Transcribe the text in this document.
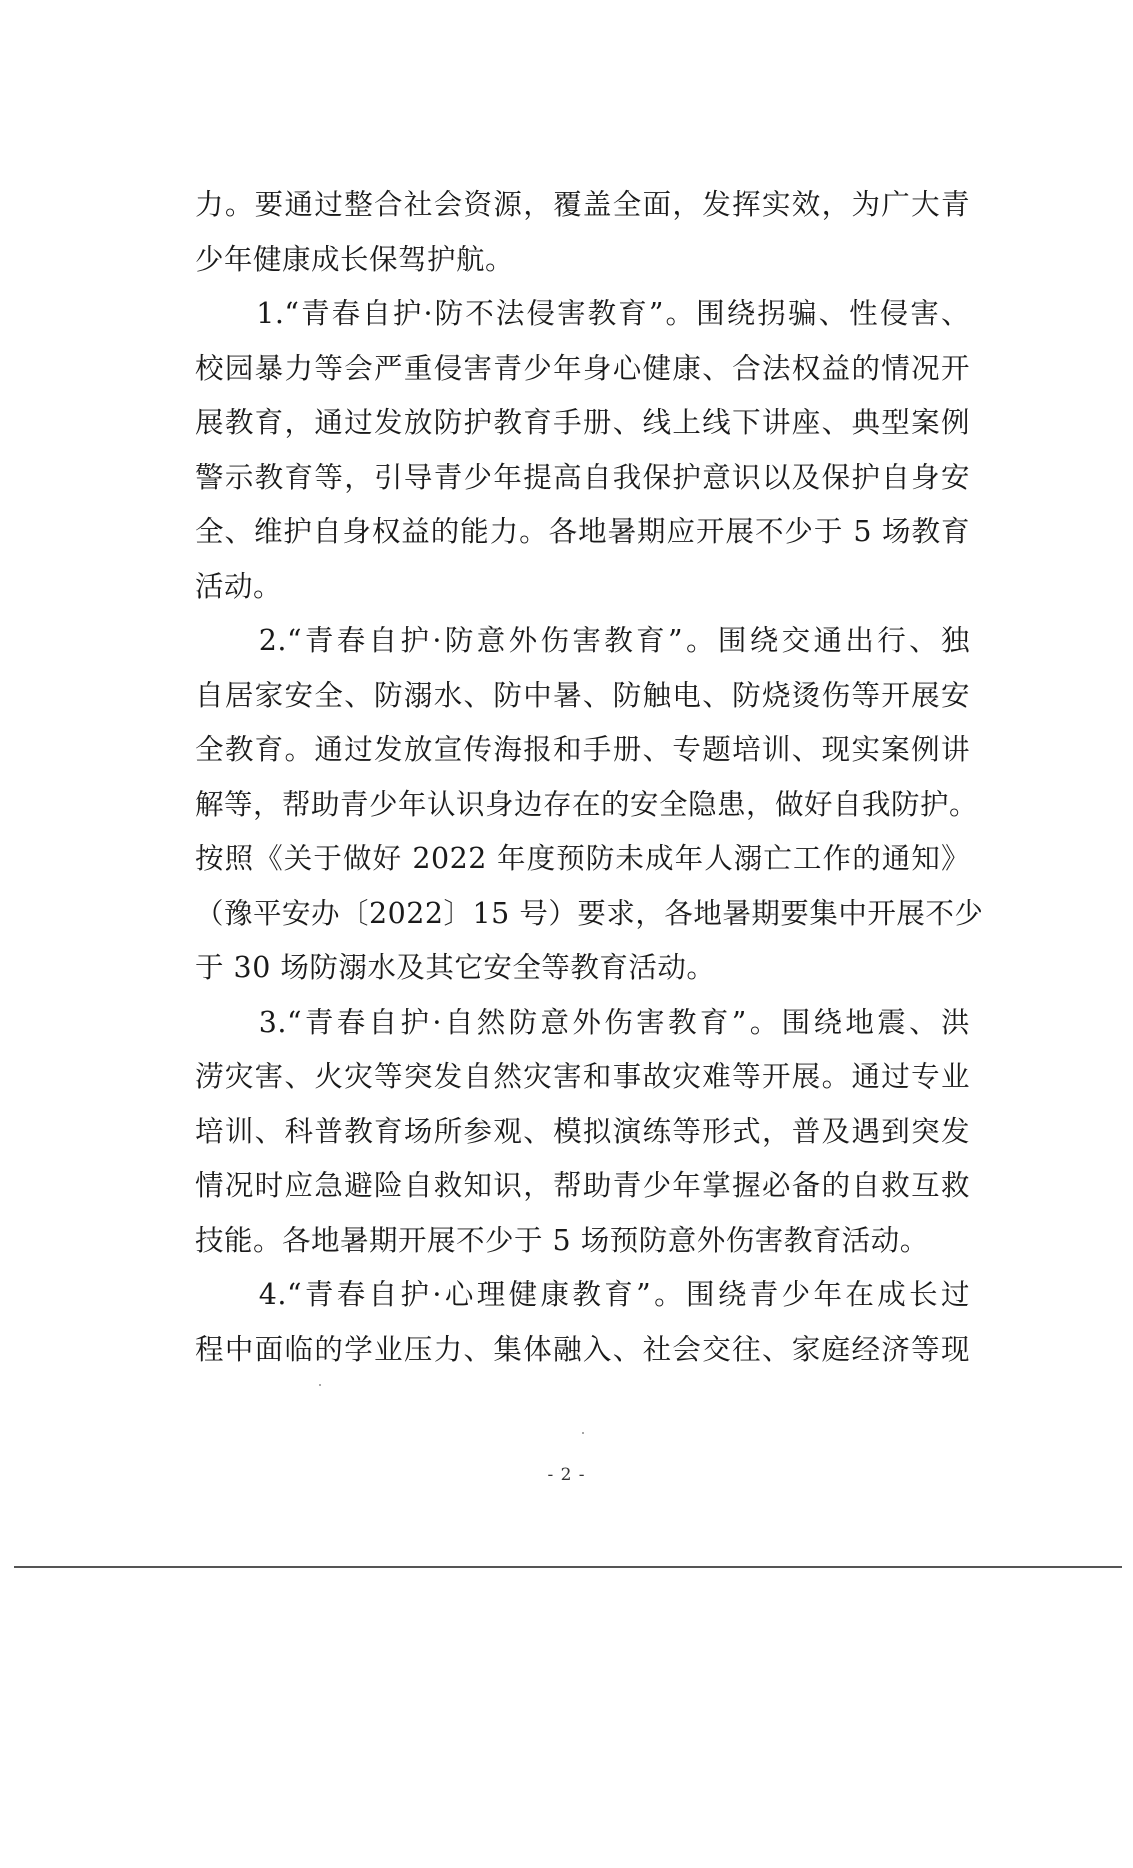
力。要通过整合社会资源，覆盖全面，发挥实效，为广大青
少年健康成长保驾护航。
　　1.“青春自护·防不法侵害教育”。围绕拐骗、性侵害、
校园暴力等会严重侵害青少年身心健康、合法权益的情况开
展教育，通过发放防护教育手册、线上线下讲座、典型案例
警示教育等，引导青少年提高自我保护意识以及保护自身安
全、维护自身权益的能力。各地暑期应开展不少于 5 场教育
活动。
　　2.“青春自护·防意外伤害教育”。围绕交通出行、独
自居家安全、防溺水、防中暑、防触电、防烧烫伤等开展安
全教育。通过发放宣传海报和手册、专题培训、现实案例讲
解等，帮助青少年认识身边存在的安全隐患，做好自我防护。
按照《关于做好 2022 年度预防未成年人溺亡工作的通知》
（豫平安办〔2022〕15 号）要求，各地暑期要集中开展不少
于 30 场防溺水及其它安全等教育活动。
　　3.“青春自护·自然防意外伤害教育”。围绕地震、洪
涝灾害、火灾等突发自然灾害和事故灾难等开展。通过专业
培训、科普教育场所参观、模拟演练等形式，普及遇到突发
情况时应急避险自救知识，帮助青少年掌握必备的自救互救
技能。各地暑期开展不少于 5 场预防意外伤害教育活动。
　　4.“青春自护·心理健康教育”。围绕青少年在成长过
程中面临的学业压力、集体融入、社会交往、家庭经济等现
- 2 -
